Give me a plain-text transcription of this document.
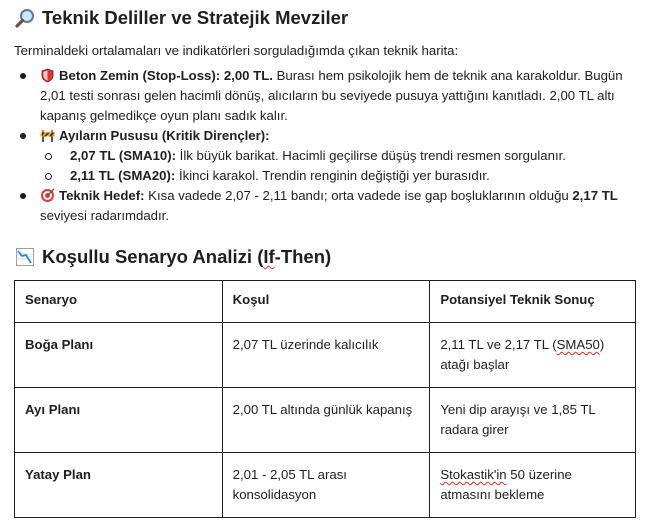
Teknik Deliller ve Stratejik Mevziler
Terminaldeki ortalamaları ve indikatörleri sorguladığımda çıkan teknik harita:
Beton Zemin (Stop-Loss): 2,00 TL. Burası hem psikolojik hem de teknik ana karakoldur. Bugün 2,01 testi sonrası gelen hacimli dönüş, alıcıların bu seviyede pusuya yattığını kanıtladı. 2,00 TL altı kapanış gelmedikçe oyun planı sadık kalır.
Ayıların Pususu (Kritik Dirençler):
2,07 TL (SMA10): İlk büyük barikat. Hacimli geçilirse düşüş trendi resmen sorgulanır.
2,11 TL (SMA20): İkinci karakol. Trendin renginin değiştiği yer burasıdır.
Teknik Hedef: Kısa vadede 2,07 - 2,11 bandı; orta vadede ise gap boşluklarının olduğu 2,17 TL seviyesi radarımdadır.
Koşullu Senaryo Analizi ( If -Then)
Senaryo	Koşul	Potansiyel Teknik Sonuç
Boğa Planı	2,07 TL üzerinde kalıcılık	2,11 TL ve 2,17 TL (SMA50) atağı başlar
Ayı Planı	2,00 TL altında günlük kapanış	Yeni dip arayışı ve 1,85 TL radara girer
Yatay Plan	2,01 - 2,05 TL arası konsolidasyon	Stokastik'in 50 üzerine atmasını bekleme
